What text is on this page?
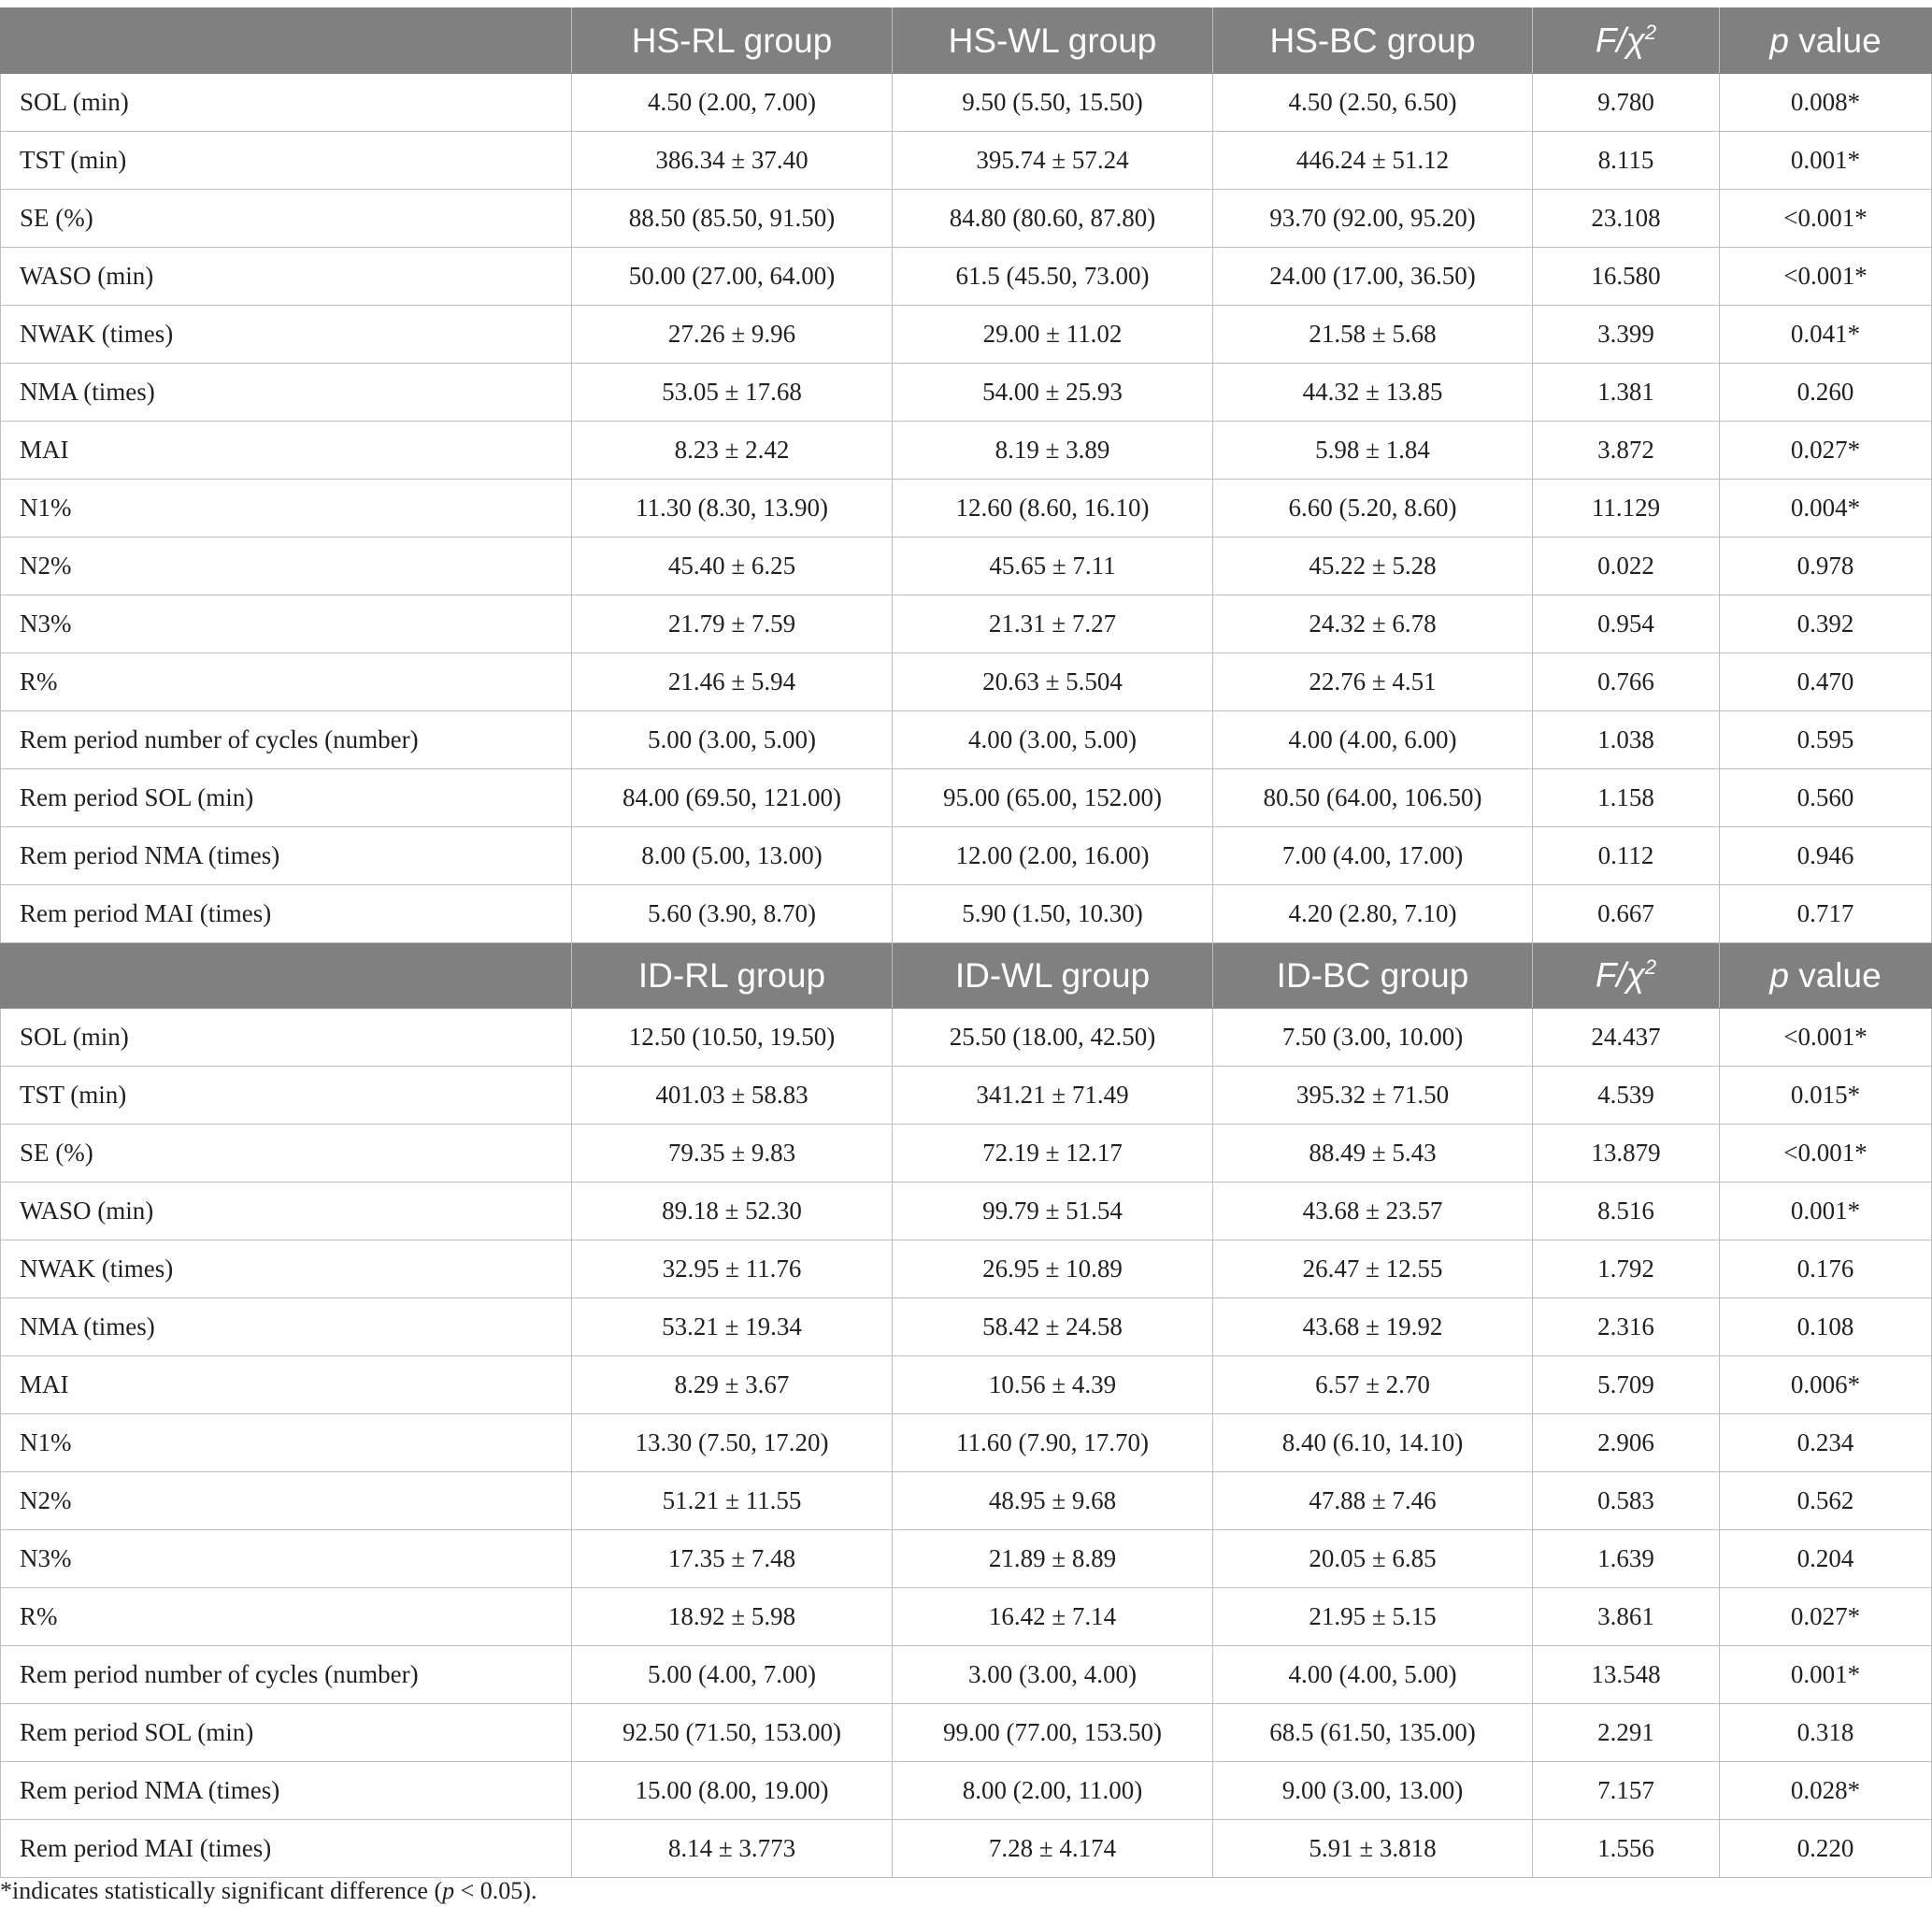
	HS-RL group	HS-WL group	HS-BC group	$F/\chi^2$	p value
SOL (min)	4.50 (2.00, 7.00)	9.50 (5.50, 15.50)	4.50 (2.50, 6.50)	9.780	0.008*
TST (min)	386.34 ± 37.40	395.74 ± 57.24	446.24 ± 51.12	8.115	0.001*
SE (%)	88.50 (85.50, 91.50)	84.80 (80.60, 87.80)	93.70 (92.00, 95.20)	23.108	<0.001*
WASO (min)	50.00 (27.00, 64.00)	61.5 (45.50, 73.00)	24.00 (17.00, 36.50)	16.580	<0.001*
NWAK (times)	27.26 ± 9.96	29.00 ± 11.02	21.58 ± 5.68	3.399	0.041*
NMA (times)	53.05 ± 17.68	54.00 ± 25.93	44.32 ± 13.85	1.381	0.260
MAI	8.23 ± 2.42	8.19 ± 3.89	5.98 ± 1.84	3.872	0.027*
N1%	11.30 (8.30, 13.90)	12.60 (8.60, 16.10)	6.60 (5.20, 8.60)	11.129	0.004*
N2%	45.40 ± 6.25	45.65 ± 7.11	45.22 ± 5.28	0.022	0.978
N3%	21.79 ± 7.59	21.31 ± 7.27	24.32 ± 6.78	0.954	0.392
R%	21.46 ± 5.94	20.63 ± 5.504	22.76 ± 4.51	0.766	0.470
Rem period number of cycles (number)	5.00 (3.00, 5.00)	4.00 (3.00, 5.00)	4.00 (4.00, 6.00)	1.038	0.595
Rem period SOL (min)	84.00 (69.50, 121.00)	95.00 (65.00, 152.00)	80.50 (64.00, 106.50)	1.158	0.560
Rem period NMA (times)	8.00 (5.00, 13.00)	12.00 (2.00, 16.00)	7.00 (4.00, 17.00)	0.112	0.946
Rem period MAI (times)	5.60 (3.90, 8.70)	5.90 (1.50, 10.30)	4.20 (2.80, 7.10)	0.667	0.717
	ID-RL group	ID-WL group	ID-BC group	$F/\chi^2$	p value
SOL (min)	12.50 (10.50, 19.50)	25.50 (18.00, 42.50)	7.50 (3.00, 10.00)	24.437	<0.001*
TST (min)	401.03 ± 58.83	341.21 ± 71.49	395.32 ± 71.50	4.539	0.015*
SE (%)	79.35 ± 9.83	72.19 ± 12.17	88.49 ± 5.43	13.879	<0.001*
WASO (min)	89.18 ± 52.30	99.79 ± 51.54	43.68 ± 23.57	8.516	0.001*
NWAK (times)	32.95 ± 11.76	26.95 ± 10.89	26.47 ± 12.55	1.792	0.176
NMA (times)	53.21 ± 19.34	58.42 ± 24.58	43.68 ± 19.92	2.316	0.108
MAI	8.29 ± 3.67	10.56 ± 4.39	6.57 ± 2.70	5.709	0.006*
N1%	13.30 (7.50, 17.20)	11.60 (7.90, 17.70)	8.40 (6.10, 14.10)	2.906	0.234
N2%	51.21 ± 11.55	48.95 ± 9.68	47.88 ± 7.46	0.583	0.562
N3%	17.35 ± 7.48	21.89 ± 8.89	20.05 ± 6.85	1.639	0.204
R%	18.92 ± 5.98	16.42 ± 7.14	21.95 ± 5.15	3.861	0.027*
Rem period number of cycles (number)	5.00 (4.00, 7.00)	3.00 (3.00, 4.00)	4.00 (4.00, 5.00)	13.548	0.001*
Rem period SOL (min)	92.50 (71.50, 153.00)	99.00 (77.00, 153.50)	68.5 (61.50, 135.00)	2.291	0.318
Rem period NMA (times)	15.00 (8.00, 19.00)	8.00 (2.00, 11.00)	9.00 (3.00, 13.00)	7.157	0.028*
Rem period MAI (times)	8.14 ± 3.773	7.28 ± 4.174	5.91 ± 3.818	1.556	0.220
*indicates statistically significant difference (p < 0.05).
